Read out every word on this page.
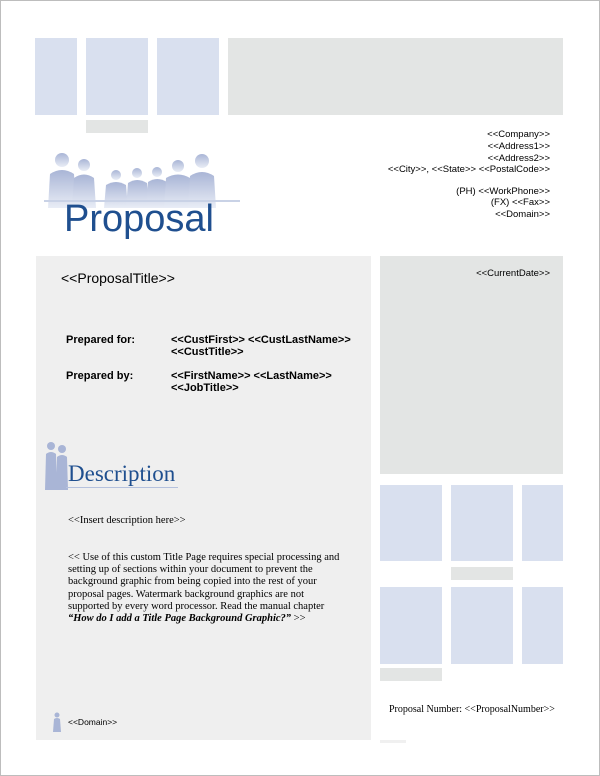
Proposal
<<Company>>
<<Address1>>
<<Address2>>
<<City>>, <<State>> <<PostalCode>>
(PH) <<WorkPhone>>
(FX) <<Fax>>
<<Domain>>
<<ProposalTitle>>
Prepared for:	<<CustFirst>> <<CustLastName>>
<<CustTitle>>
Prepared by:	<<FirstName>> <<LastName>>
<<JobTitle>>
Description
<<Insert description here>>
<< Use of this custom Title Page requires special processing and
setting up of sections within your document to prevent the
background graphic from being copied into the rest of your
proposal pages. Watermark background graphics are not
supported by every word processor. Read the manual chapter
“How do I add a Title Page Background Graphic?” >>
<<Domain>>
<<CurrentDate>>
Proposal Number: <<ProposalNumber>>
